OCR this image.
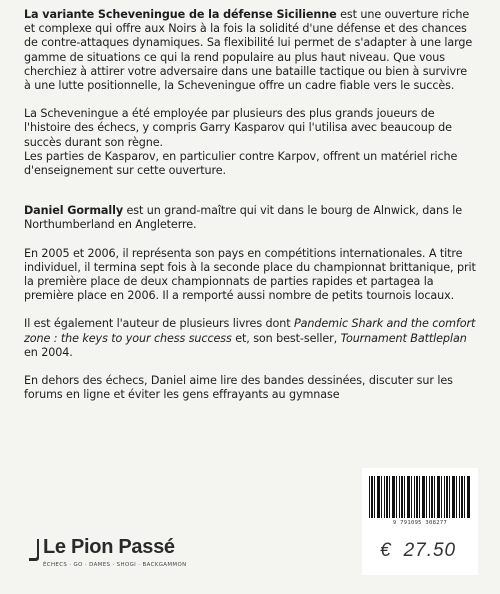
La variante Scheveningue de la défense Sicilienne est une ouverture riche et complexe qui offre aux Noirs à la fois la solidité d'une défense et des chances de contre-attaques dynamiques. Sa flexibilité lui permet de s'adapter à une large gamme de situations ce qui la rend populaire au plus haut niveau. Que vous cherchiez à attirer votre adversaire dans une bataille tactique ou bien à survivre à une lutte positionnelle, la Scheveningue offre un cadre fiable vers le succès.

La Scheveningue a été employée par plusieurs des plus grands joueurs de l'histoire des échecs, y compris Garry Kasparov qui l'utilisa avec beaucoup de succès durant son règne.

Les parties de Kasparov, en particulier contre Karpov, offrent un matériel riche d'enseignement sur cette ouverture.

Daniel Gormally est un grand-maître qui vit dans le bourg de Alnwick, dans le Northumberland en Angleterre.

En 2005 et 2006, il représenta son pays en compétitions internationales. A titre individuel, il termina sept fois à la seconde place du championnat brittanique, prit la première place de deux championnats de parties rapides et partagea la première place en 2006. Il a remporté aussi nombre de petits tournois locaux.

Il est également l'auteur de plusieurs livres dont Pandemic Shark and the comfort zone : the keys to your chess success et, son best-seller, Tournament Battleplan en 2004.

En dehors des échecs, Daniel aime lire des bandes dessinées, discuter sur les forums en ligne et éviter les gens effrayants au gymnase

9 791095 308277
€ 27.50
Le Pion Passé
ÉCHECS · GO · DAMES · SHOGI · BACKGAMMON
